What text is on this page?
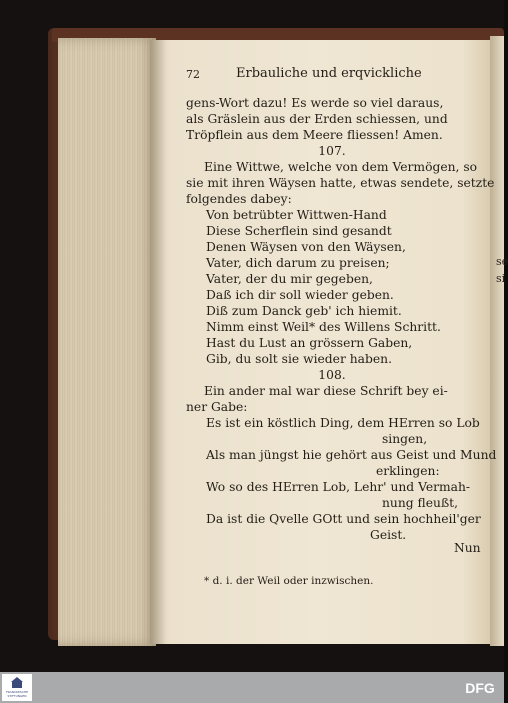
se
si
72	Erbauliche und erqvickliche
gens-Wort dazu! Es werde so viel daraus,
als Gräslein aus der Erden schiessen, und
Tröpflein aus dem Meere fliessen! Amen.
107.
Eine Wittwe, welche von dem Vermögen, so
sie mit ihren Wäysen hatte, etwas sendete, setzte
folgendes dabey:
Von betrübter Wittwen-Hand
Diese Scherflein sind gesandt
Denen Wäysen von den Wäysen,
Vater, dich darum zu preisen;
Vater, der du mir gegeben,
Daß ich dir soll wieder geben.
Diß zum Danck geb' ich hiemit.
Nimm einst Weil* des Willens Schritt.
Hast du Lust an grössern Gaben,
Gib, du solt sie wieder haben.
108.
Ein ander mal war diese Schrift bey ei-
ner Gabe:
Es ist ein köstlich Ding, dem HErren so Lob
singen,
Als man jüngst hie gehört aus Geist und Mund
erklingen:
Wo so des HErren Lob, Lehr' und Vermah-
nung fleußt,
Da ist die Qvelle GOtt und sein hochheil'ger
Geist.
Nun
* d. i. der Weil oder inzwischen.
FRANCKESCHE
STIFTUNGEN	DFG
